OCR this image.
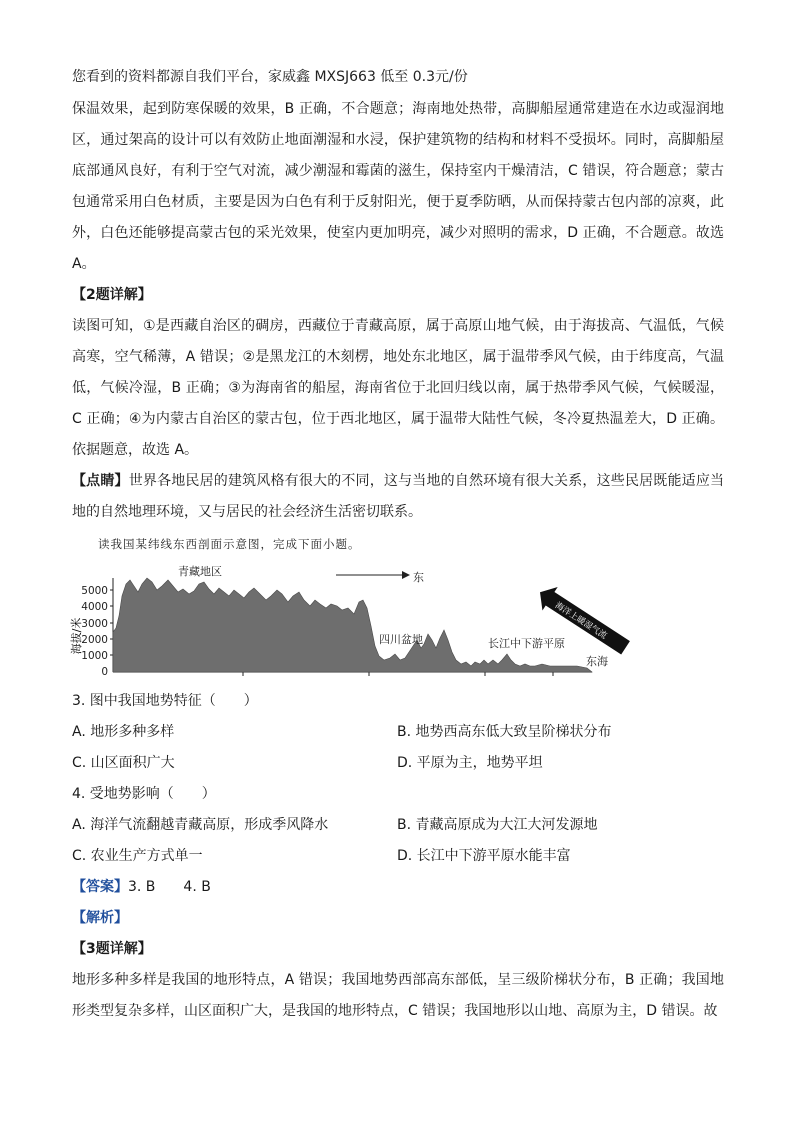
您看到的资料都源自我们平台，家威鑫 MXSJ663 低至 0.3元/份
保温效果，起到防寒保暖的效果，B 正确，不合题意；海南地处热带，高脚船屋通常建造在水边或湿润地区，通过架高的设计可以有效防止地面潮湿和水浸，保护建筑物的结构和材料不受损坏。同时，高脚船屋底部通风良好，有利于空气对流，减少潮湿和霉菌的滋生，保持室内干燥清洁，C 错误，符合题意；蒙古包通常采用白色材质，主要是因为白色有利于反射阳光，便于夏季防晒，从而保持蒙古包内部的凉爽，此外，白色还能够提高蒙古包的采光效果，使室内更加明亮，减少对照明的需求，D 正确，不合题意。故选A。
【2题详解】
读图可知，①是西藏自治区的碉房，西藏位于青藏高原，属于高原山地气候，由于海拔高、气温低，气候高寒，空气稀薄，A 错误；②是黑龙江的木刻楞，地处东北地区，属于温带季风气候，由于纬度高，气温低，气候冷湿，B 正确；③为海南省的船屋，海南省位于北回归线以南，属于热带季风气候，气候暖湿，C 正确；④为内蒙古自治区的蒙古包，位于西北地区，属于温带大陆性气候，冬冷夏热温差大，D 正确。依据题意，故选 A。
【点睛】世界各地民居的建筑风格有很大的不同，这与当地的自然环境有很大关系，这些民居既能适应当地的自然地理环境，又与居民的社会经济生活密切联系。
读我国某纬线东西剖面示意图，完成下面小题。
海拔/米
5000
4000
3000
2000
1000
0
青藏地区	东
四川盆地	长江中下游平原
东海
海洋上暖湿气流
3. 图中我国地势特征（　　）
A. 地形多种多样	B. 地势西高东低大致呈阶梯状分布
C. 山区面积广大	D. 平原为主，地势平坦
4. 受地势影响（　　）
A. 海洋气流翻越青藏高原，形成季风降水	B. 青藏高原成为大江大河发源地
C. 农业生产方式单一	D. 长江中下游平原水能丰富
【答案】3. B　　4. B
【解析】
【3题详解】
地形多种多样是我国的地形特点，A 错误；我国地势西部高东部低，呈三级阶梯状分布，B 正确；我国地形类型复杂多样，山区面积广大，是我国的地形特点，C 错误；我国地形以山地、高原为主，D 错误。故
